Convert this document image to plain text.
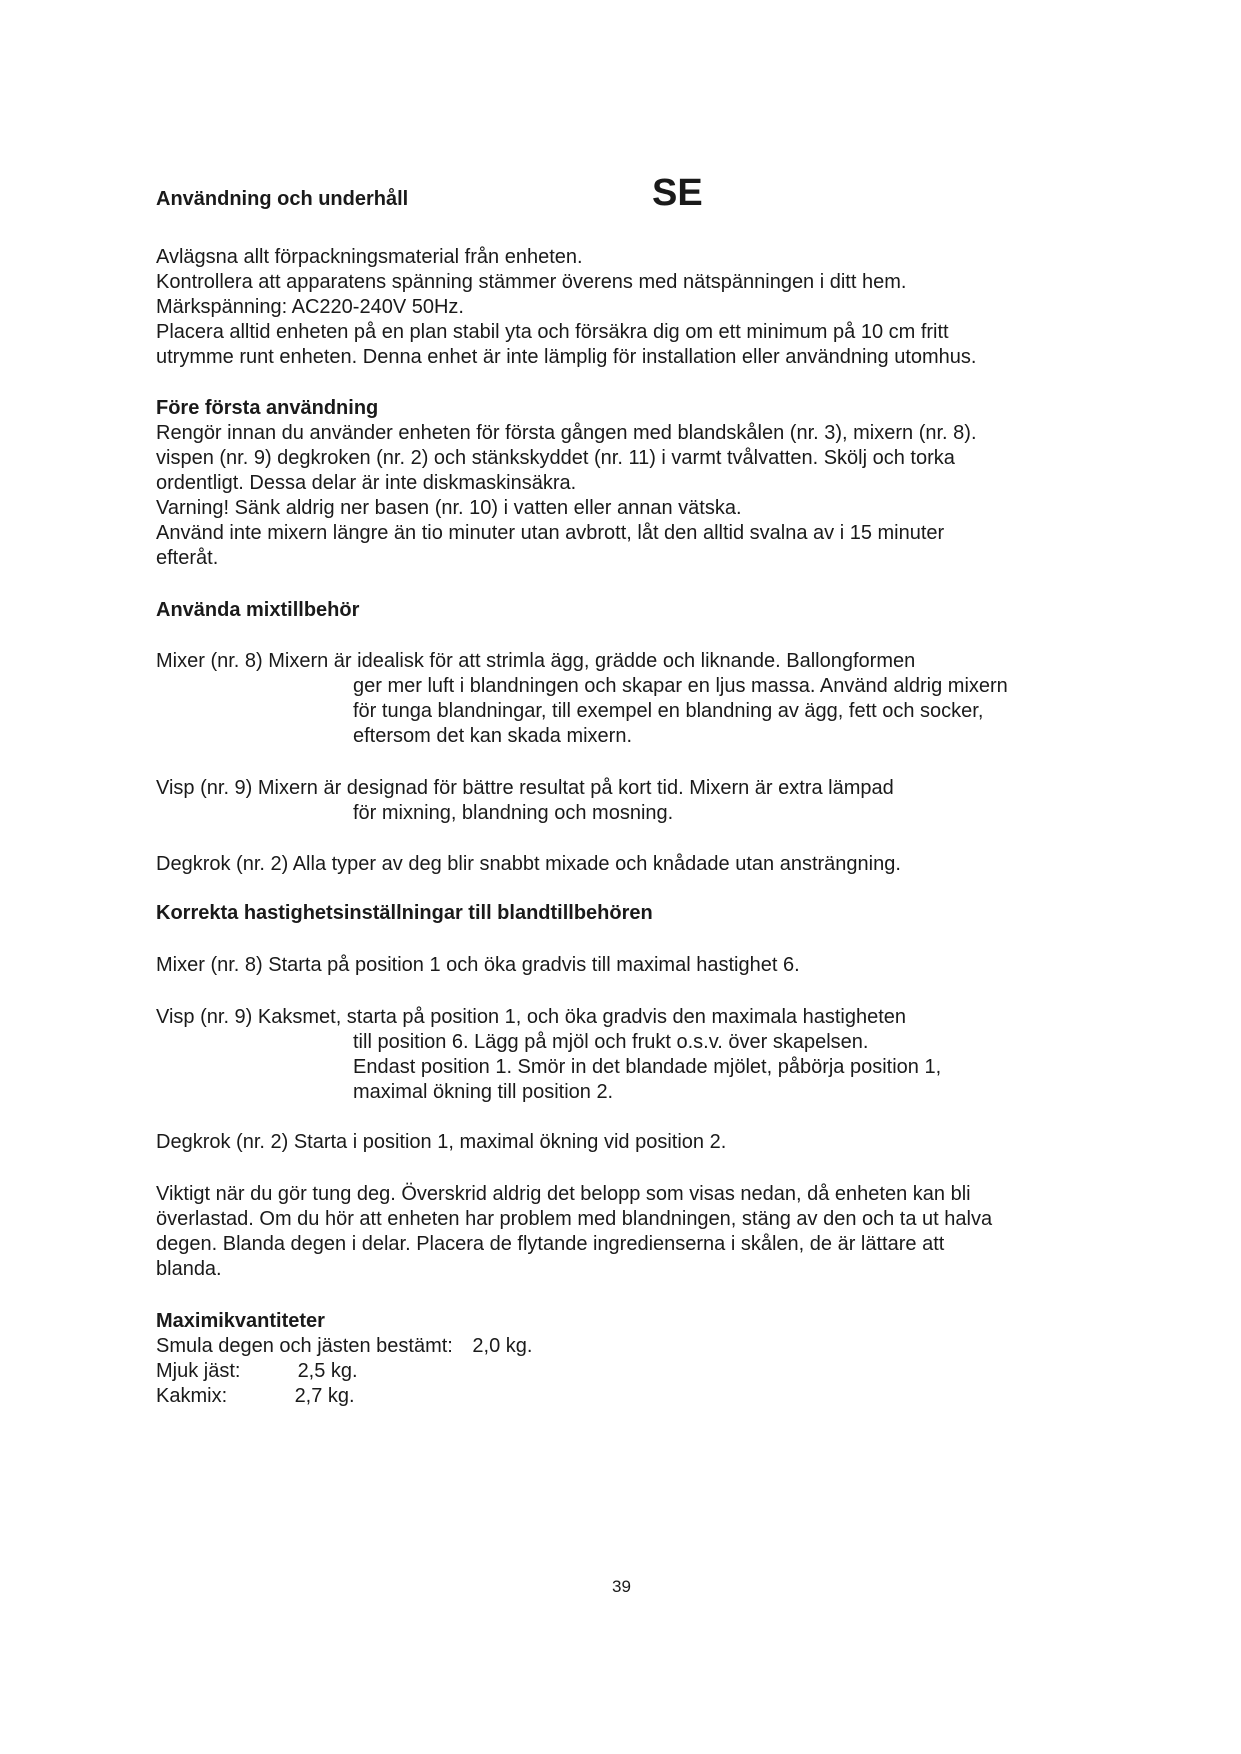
Användning och underhåll	SE
Avlägsna allt förpackningsmaterial från enheten.
Kontrollera att apparatens spänning stämmer överens med nätspänningen i ditt hem.
Märkspänning: AC220-240V 50Hz.
Placera alltid enheten på en plan stabil yta och försäkra dig om ett minimum på 10 cm fritt
utrymme runt enheten. Denna enhet är inte lämplig för installation eller användning utomhus.
Före första användning
Rengör innan du använder enheten för första gången med blandskålen (nr. 3), mixern (nr. 8).
vispen (nr. 9) degkroken (nr. 2) och stänkskyddet (nr. 11) i varmt tvålvatten. Skölj och torka
ordentligt. Dessa delar är inte diskmaskinsäkra.
Varning! Sänk aldrig ner basen (nr. 10) i vatten eller annan vätska.
Använd inte mixern längre än tio minuter utan avbrott, låt den alltid svalna av i 15 minuter
efteråt.
Använda mixtillbehör
Mixer (nr. 8) Mixern är idealisk för att strimla ägg, grädde och liknande. Ballongformen
ger mer luft i blandningen och skapar en ljus massa. Använd aldrig mixern
för tunga blandningar, till exempel en blandning av ägg, fett och socker,
eftersom det kan skada mixern.
Visp (nr. 9) Mixern är designad för bättre resultat på kort tid. Mixern är extra lämpad
för mixning, blandning och mosning.
Degkrok (nr. 2) Alla typer av deg blir snabbt mixade och knådade utan ansträngning.
Korrekta hastighetsinställningar till blandtillbehören
Mixer (nr. 8) Starta på position 1 och öka gradvis till maximal hastighet 6.
Visp (nr. 9) Kaksmet, starta på position 1, och öka gradvis den maximala hastigheten
till position 6. Lägg på mjöl och frukt o.s.v. över skapelsen.
Endast position 1. Smör in det blandade mjölet, påbörja position 1,
maximal ökning till position 2.
Degkrok (nr. 2) Starta i position 1, maximal ökning vid position 2.
Viktigt när du gör tung deg. Överskrid aldrig det belopp som visas nedan, då enheten kan bli
överlastad. Om du hör att enheten har problem med blandningen, stäng av den och ta ut halva
degen. Blanda degen i delar. Placera de flytande ingredienserna i skålen, de är lättare att
blanda.
Maximikvantiteter
Smula degen och jästen bestämt: 2,0 kg.
Mjuk jäst:	2,5 kg.
Kakmix:	2,7 kg.
39
